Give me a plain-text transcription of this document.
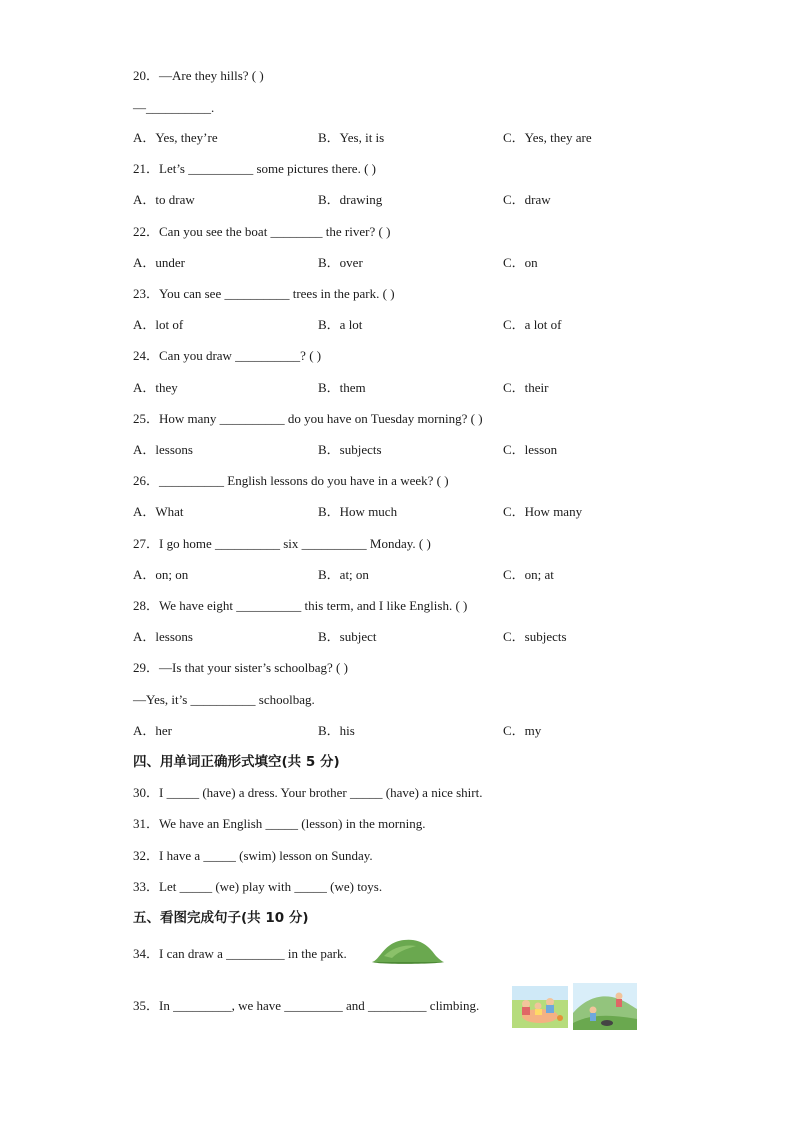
20．—Are they hills? ( )
—__________.
A．Yes, they’re	B．Yes, it is	C．Yes, they are
21．Let’s __________ some pictures there. ( )
A．to draw	B．drawing	C．draw
22．Can you see the boat ________ the river? ( )
A．under	B．over	C．on
23．You can see __________ trees in the park. ( )
A．lot of	B．a lot	C．a lot of
24．Can you draw __________? ( )
A．they	B．them	C．their
25．How many __________ do you have on Tuesday morning? ( )
A．lessons	B．subjects	C．lesson
26．__________ English lessons do you have in a week? ( )
A．What	B．How much	C．How many
27．I go home __________ six __________ Monday. ( )
A．on; on	B．at; on	C．on; at
28．We have eight __________ this term, and I like English. ( )
A．lessons	B．subject	C．subjects
29．—Is that your sister’s schoolbag? ( )
—Yes, it’s __________ schoolbag.
A．her	B．his	C．my
四、用单词正确形式填空(共 5 分)
30．I _____ (have) a dress. Your brother _____ (have) a nice shirt.
31．We have an English _____ (lesson) in the morning.
32．I have a _____ (swim) lesson on Sunday.
33．Let _____ (we) play with _____ (we) toys.
五、看图完成句子(共 10 分)
34．I can draw a _________ in the park.
35．In _________, we have _________ and _________ climbing.
